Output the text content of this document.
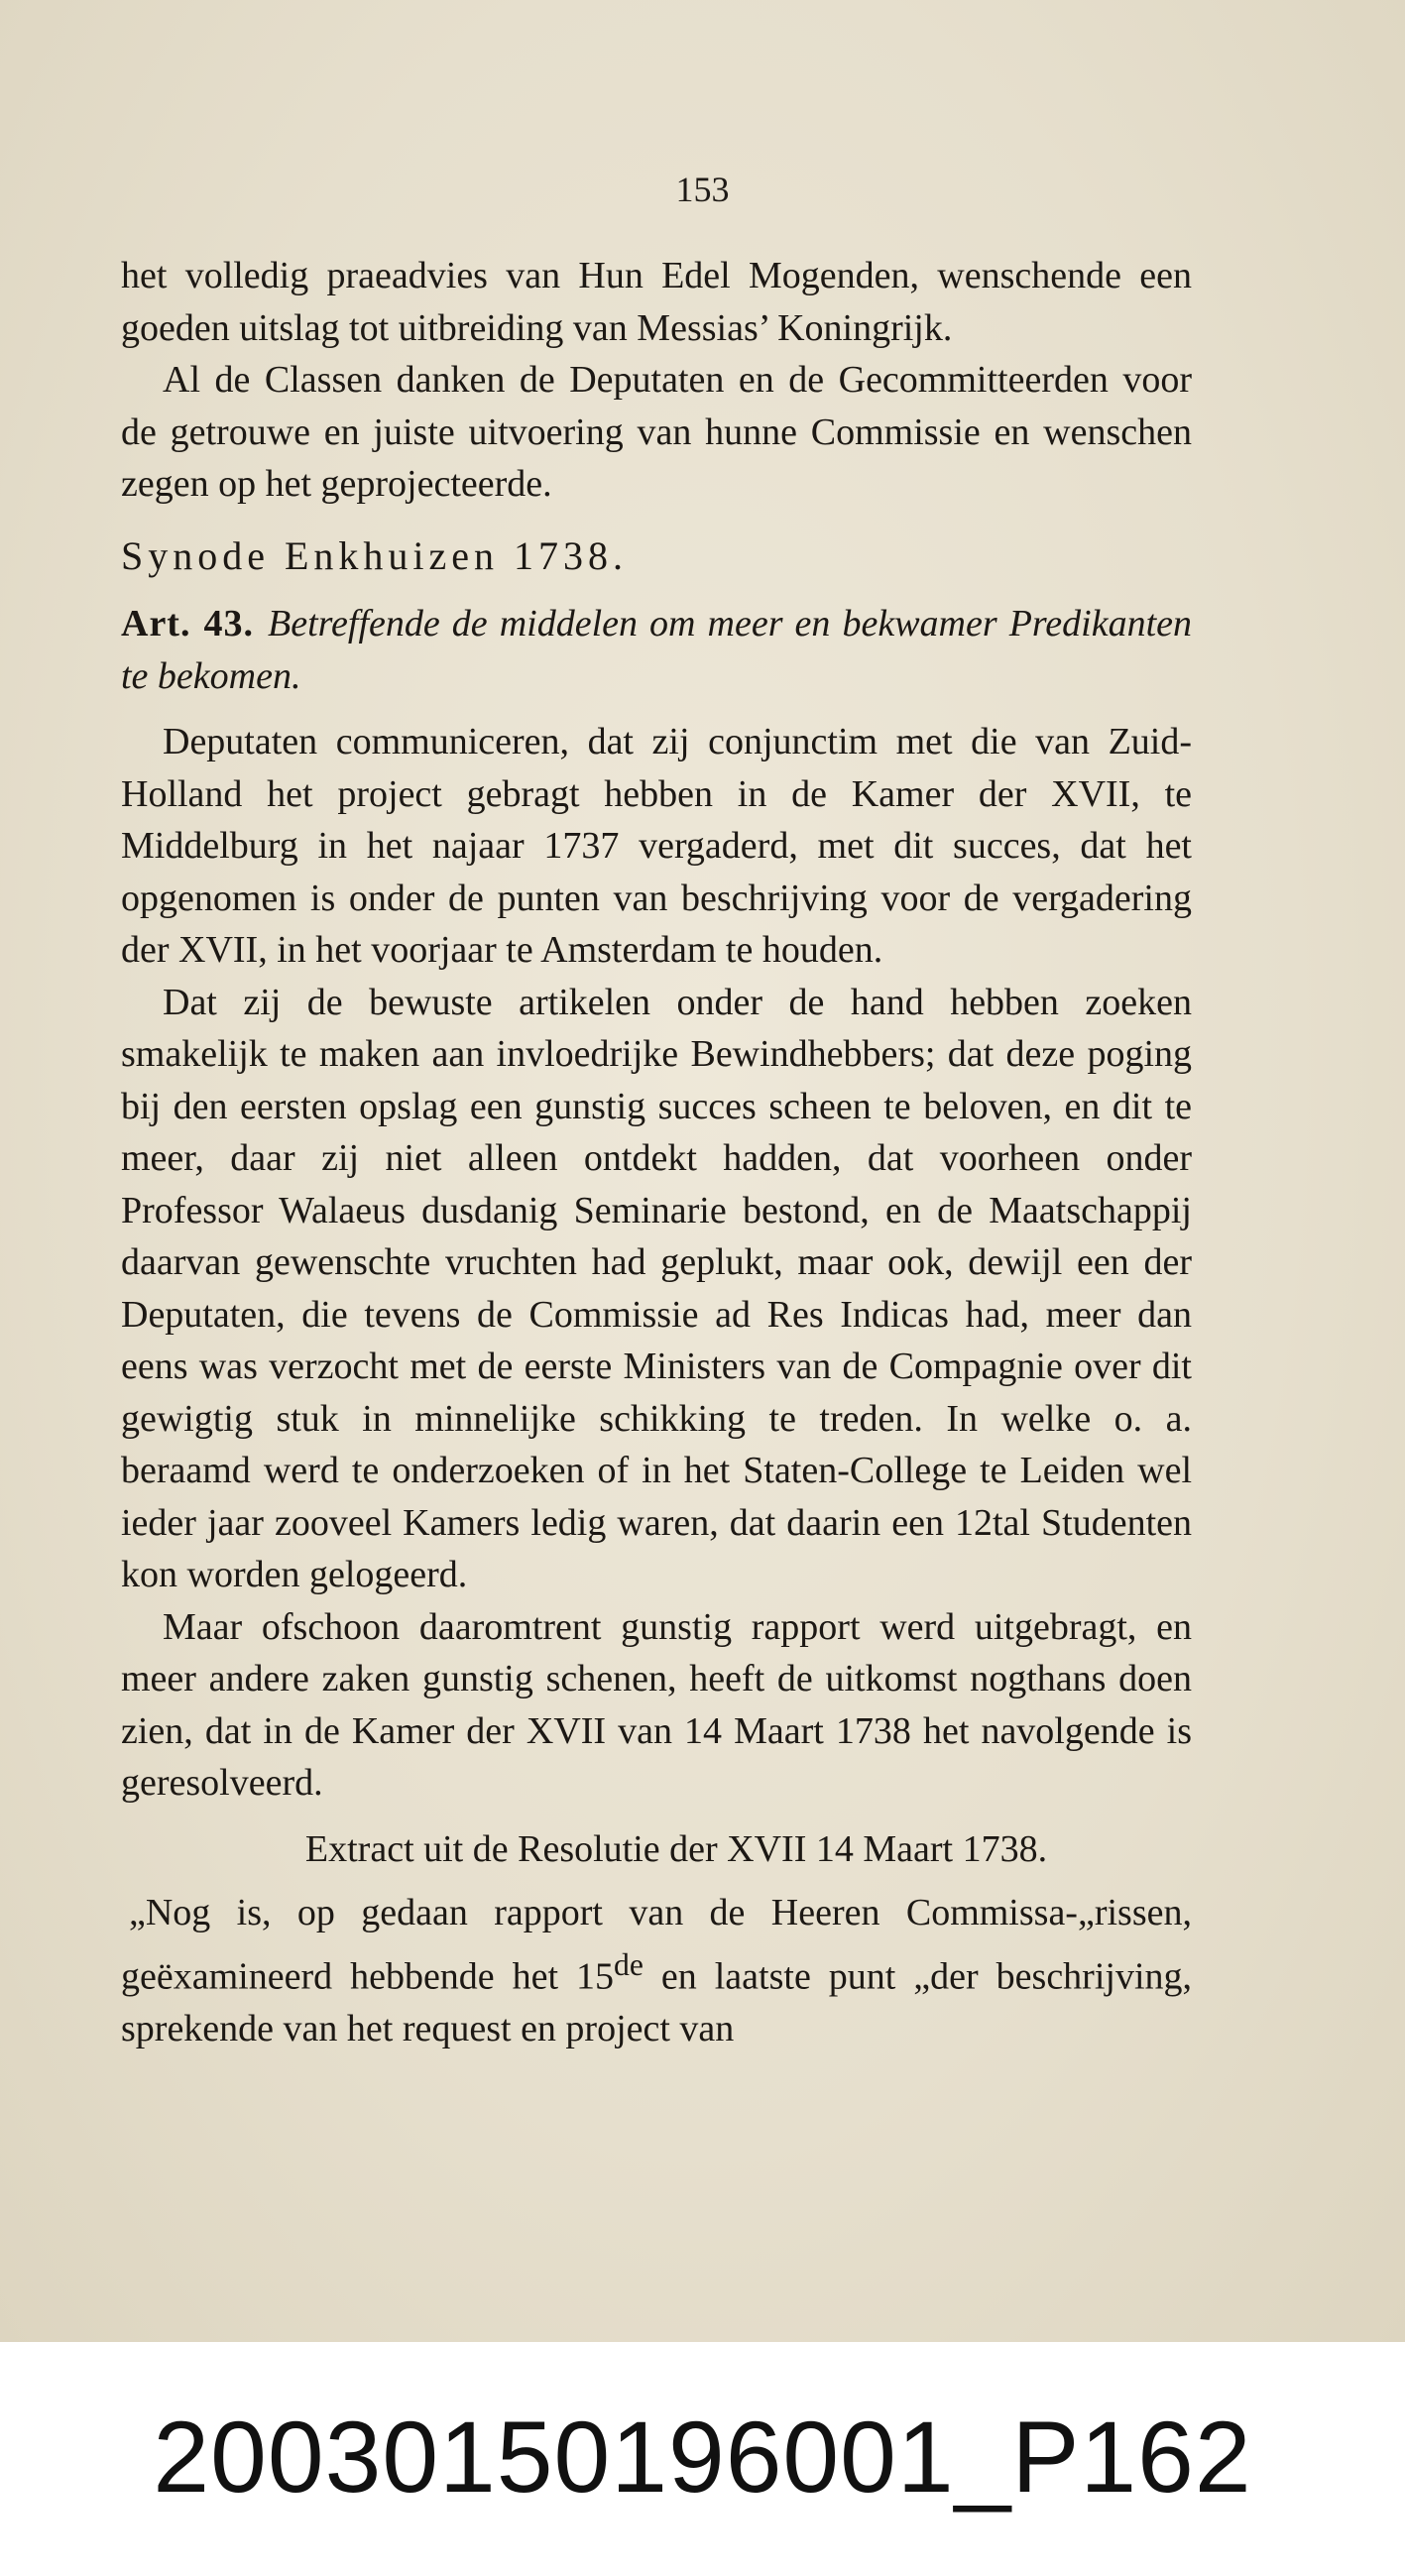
153

het volledig praeadvies van Hun Edel Mogenden, wenschende een goeden uitslag tot uitbreiding van Messias’ Koningrijk.

Al de Classen danken de Deputaten en de Gecommitteerden voor de getrouwe en juiste uitvoering van hunne Commissie en wenschen zegen op het geprojecteerde.

Synode Enkhuizen 1738.

Art. 43. Betreffende de middelen om meer en bekwamer Predikanten te bekomen.

Deputaten communiceren, dat zij conjunctim met die van Zuid-Holland het project gebragt hebben in de Kamer der XVII, te Middelburg in het najaar 1737 vergaderd, met dit succes, dat het opgenomen is onder de punten van beschrijving voor de vergadering der XVII, in het voorjaar te Amsterdam te houden.

Dat zij de bewuste artikelen onder de hand hebben zoeken smakelijk te maken aan invloedrijke Bewindhebbers; dat deze poging bij den eersten opslag een gunstig succes scheen te beloven, en dit te meer, daar zij niet alleen ontdekt hadden, dat voorheen onder Professor Walaeus dusdanig Seminarie bestond, en de Maatschappij daarvan gewenschte vruchten had geplukt, maar ook, dewijl een der Deputaten, die tevens de Commissie ad Res Indicas had, meer dan eens was verzocht met de eerste Ministers van de Compagnie over dit gewigtig stuk in minnelijke schikking te treden. In welke o. a. beraamd werd te onderzoeken of in het Staten-College te Leiden wel ieder jaar zooveel Kamers ledig waren, dat daarin een 12tal Studenten kon worden gelogeerd.

Maar ofschoon daaromtrent gunstig rapport werd uitgebragt, en meer andere zaken gunstig schenen, heeft de uitkomst nogthans doen zien, dat in de Kamer der XVII van 14 Maart 1738 het navolgende is geresolveerd.

Extract uit de Resolutie der XVII 14 Maart 1738.

„Nog is, op gedaan rapport van de Heeren Commissa-„rissen, geëxamineerd hebbende het 15de en laatste punt „der beschrijving, sprekende van het request en project van

20030150196001_P162
